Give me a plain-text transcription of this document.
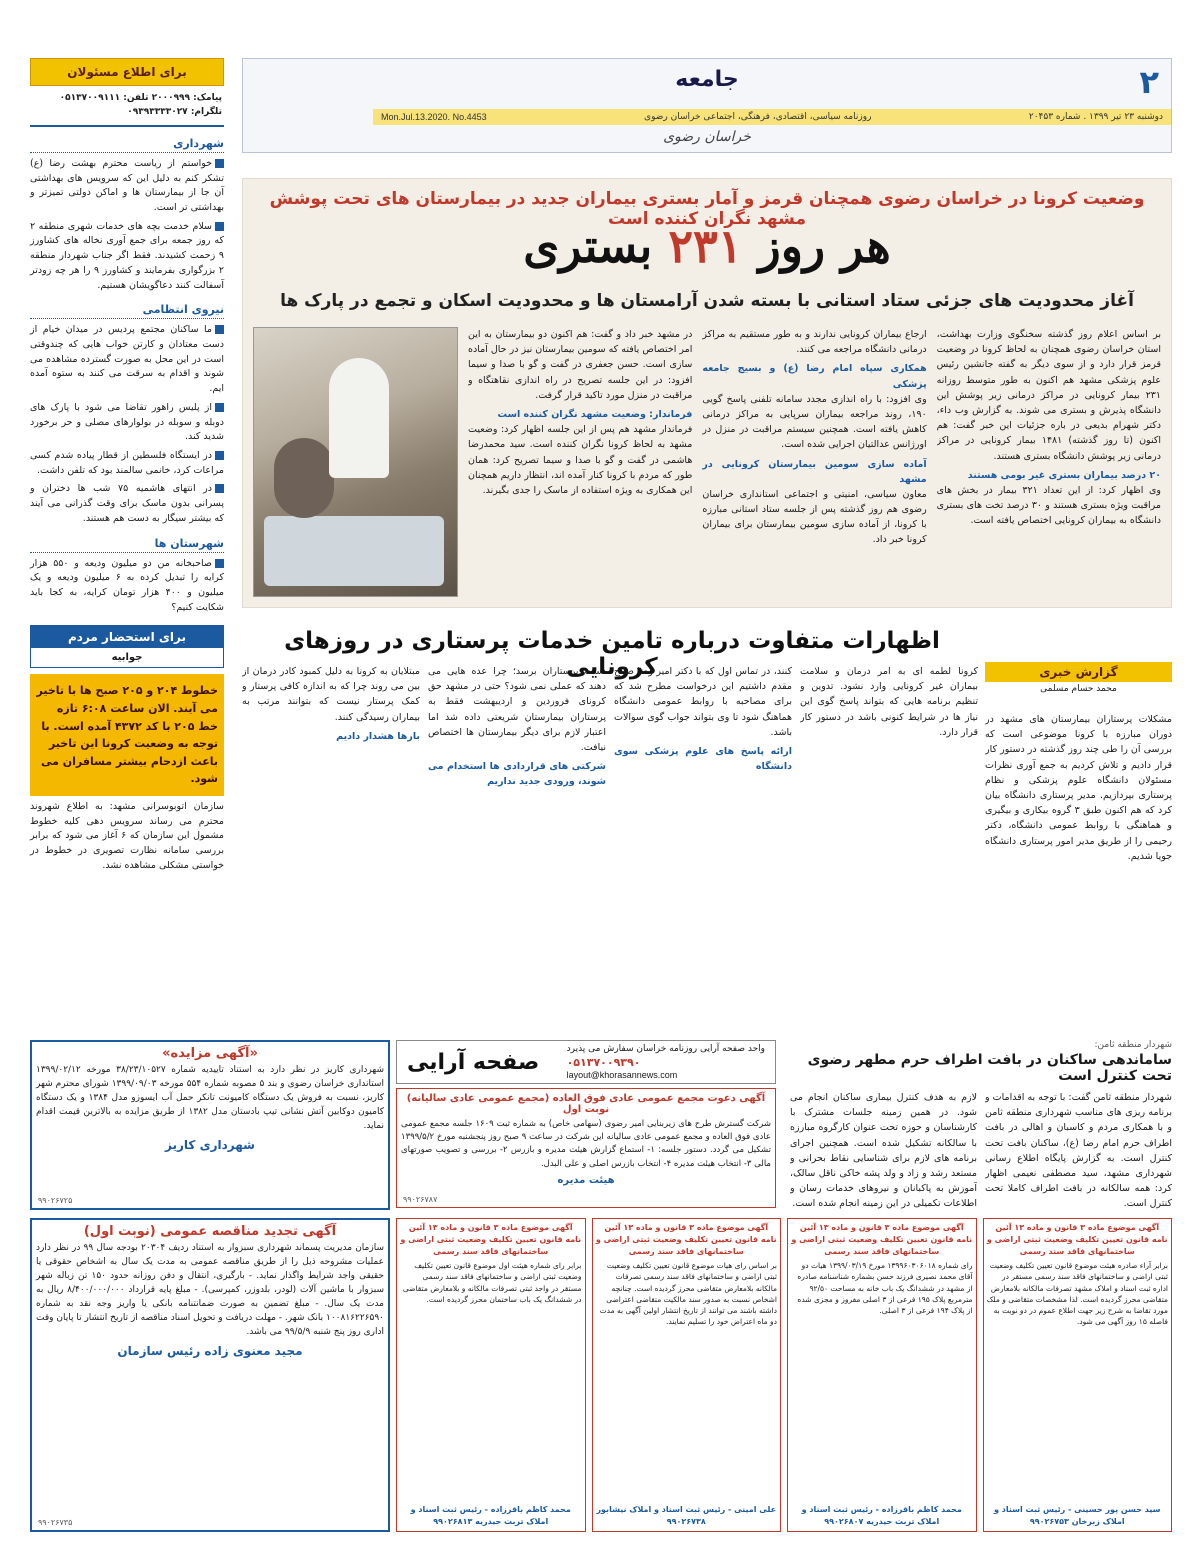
برای اطلاع مسئولان
پیامک: ۲۰۰۰۹۹۹ تلفن: ۰۵۱۳۷۰۰۹۱۱۱
تلگرام: ۰۹۳۹۳۳۳۳۰۲۷
شهرداری
خواستم از ریاست محترم بهشت رضا (ع) تشکر کنم به دلیل این که سرویس های بهداشتی آن جا از بیمارستان ها و اماکن دولتی تمیزتر و بهداشتی تر است.
سلام خدمت بچه های خدمات شهری منطقه ۲ که روز جمعه برای جمع آوری نخاله های کشاورز ۹ زحمت کشیدند. فقط اگر جناب شهردار منطقه ۲ بزرگواری بفرمایند و کشاورز ۹ را هر چه زودتر آسفالت کنند دعاگویشان هستیم.
نیروی انتظامی
ما ساکنان مجتمع پردیس در میدان خیام از دست معتادان و کارتن خواب هایی که چندوقتی است در این محل به صورت گسترده مشاهده می شوند و اقدام به سرقت می کنند به ستوه آمده ایم.
از پلیس راهور تقاضا می شود با پارک های دوبله و سوبله در بولوارهای مصلی و حر برخورد شدید کند.
در ایستگاه فلسطین از قطار پیاده شدم کسی مراعات کرد، خانمی سالمند بود که تلفن داشت.
در انتهای هاشمیه ۷۵ شب ها دختران و پسرانی بدون ماسک برای وقت گذرانی می آیند که بیشتر سیگار به دست هم هستند.
شهرستان ها
صاحبخانه من دو میلیون ودیعه و ۵۵۰ هزار کرایه را تبدیل کرده به ۶ میلیون ودیعه و یک میلیون و ۴۰۰ هزار تومان کرایه، به کجا باید شکایت کنیم؟
برای استحضار مردم
جوابیه
خطوط ۲۰۴ و ۲۰۵ صبح ها با تاخیر می آیند. الان ساعت ۶:۰۸ تازه خط ۲۰۵ با کد ۴۳۷۲ آمده است. با توجه به وضعیت کرونا این تاخیر باعث ازدحام بیشتر مسافران می شود.
سازمان اتوبوسرانی مشهد: به اطلاع شهروند محترم می رساند سرویس دهی کلیه خطوط مشمول این سازمان که ۶ آغاز می شود که برابر بررسی سامانه نظارت تصویری در خطوط در خواستی مشکلی مشاهده نشد.
۲
جامعه
دوشنبه ۲۳ تیر ۱۳۹۹ . شماره ۲۰۴۵۳
روزنامه سیاسی، اقتصادی، فرهنگی، اجتماعی خراسان رضوی
Mon.Jul.13.2020. No.4453
خراسان رضوی
وضعیت کرونا در خراسان رضوی همچنان قرمز و آمار بستری بیماران جدید در بیمارستان های تحت پوشش مشهد نگران کننده است
هر روز ۲۳۱ بستری
آغاز محدودیت های جزئی ستاد استانی با بسته شدن آرامستان ها و محدودیت اسکان و تجمع در پارک ها
بر اساس اعلام روز گذشته سخنگوی وزارت بهداشت، استان خراسان رضوی همچنان به لحاظ کرونا در وضعیت قرمز قرار دارد و از سوی دیگر به گفته جانشین رئیس علوم پزشکی مشهد هم اکنون به طور متوسط روزانه ۲۳۱ بیمار کرونایی در مراکز درمانی زیر پوشش این دانشگاه پذیرش و بستری می شوند. به گزارش وب داء، دکتر شهرام بدیعی در باره جزئیات این خبر گفت: هم اکنون (تا روز گذشته) ۱۴۸۱ بیمار کرونایی در مراکز درمانی زیر پوشش دانشگاه بستری هستند.
۲۰ درصد بیماران بستری غیر بومی هستند
وی اظهار کرد: از این تعداد ۳۲۱ بیمار در بخش های مراقبت ویژه بستری هستند و ۳۰ درصد تخت های بستری دانشگاه به بیماران کرونایی اختصاص یافته است.
ارجاع بیماران کرونایی ندارند و به طور مستقیم به مراکز درمانی دانشگاه مراجعه می کنند.
همکاری سپاه امام رضا (ع) و بسیج جامعه پزشکی
وی افزود: با راه اندازی مجدد سامانه تلفنی پاسخ گویی ۱۹۰، روند مراجعه بیماران سرپایی به مراکز درمانی کاهش یافته است. همچنین سیستم مراقبت در منزل در اورژانس عدالتیان اجرایی شده است.
آماده سازی سومین بیمارستان کرونایی در مشهد
معاون سیاسی، امنیتی و اجتماعی استانداری خراسان رضوی هم روز گذشته پس از جلسه ستاد استانی مبارزه با کرونا، از آماده سازی سومین بیمارستان برای بیماران کرونا خبر داد.
در مشهد خبر داد و گفت: هم اکنون دو بیمارستان به این امر اختصاص یافته که سومین بیمارستان نیز در حال آماده سازی است. حسن جعفری در گفت و گو با صدا و سیما افزود: در این جلسه تصریح در راه اندازی نقاهتگاه و مراقبت در منزل مورد تاکید قرار گرفت.
فرماندار: وضعیت مشهد نگران کننده است
فرماندار مشهد هم پس از این جلسه اظهار کرد: وضعیت مشهد به لحاظ کرونا نگران کننده است. سید محمدرضا هاشمی در گفت و گو با صدا و سیما تصریح کرد: همان طور که مردم با کرونا کنار آمده اند، انتظار داریم همچنان این همکاری به ویژه استفاده از ماسک را جدی بگیرند.
اظهارات متفاوت درباره تامین خدمات پرستاری در روزهای کرونایی	گزارش خبری
محمد حسام مسلمی
مشکلات پرستاران بیمارستان های مشهد در دوران مبارزه با کرونا موضوعی است که بررسی آن را طی چند روز گذشته در دستور کار قرار دادیم و تلاش کردیم به جمع آوری نظرات مسئولان دانشگاه علوم پزشکی و نظام پرستاری بپردازیم. مدیر پرستاری دانشگاه بیان کرد که هم اکنون طبق ۳ گروه بیکاری و بیگیری و هماهنگی با روابط عمومی دانشگاه، دکتر رحیمی را از طریق مدیر امور پرستاری دانشگاه جویا شدیم.
کرونا لطمه ای به امر درمان و سلامت بیماران غیر کرونایی وارد نشود. تدوین و تنظیم برنامه هایی که بتواند پاسخ گوی این نیاز ها در شرایط کنونی باشد در دستور کار قرار دارد.
کنند، در تماس اول که با دکتر امیر رضا صالح مقدم داشتیم این درخواست مطرح شد که برای مصاحبه با روابط عمومی دانشگاه هماهنگ شود تا وی بتواند جواب گوی سوالات باشد.
ارائه پاسخ های علوم پزشکی سوی دانشگاه
دست پرستاران برسد؛ چرا عده هایی می دهند که عملی نمی شود؟ حتی در مشهد حق کرونای فروردین و اردیبهشت فقط به پرستاران بیمارستان شریعتی داده شد اما اعتبار لازم برای دیگر بیمارستان ها اختصاص نیافت.
شرکتی های قراردادی ها استخدام می شوند، ورودی جدید نداریم
مبتلایان به کرونا به دلیل کمبود کادر درمان از بین می روند چرا که به اندازه کافی پرستار و کمک پرستار نیست که بتوانند مرتب به بیماران رسیدگی کنند.
بارها هشدار دادیم
«آگهی مزایده»
شهرداری کاریز در نظر دارد به استناد تاییدیه شماره ۳۸/۲۳/۱۰۵۲۷ مورخه ۱۳۹۹/۰۲/۱۲ استانداری خراسان رضوی و بند ۵ مصوبه شماره ۵۵۴ مورخه ۱۳۹۹/۰۹/۰۳ شورای محترم شهر کاریز، نسبت به فروش یک دستگاه کامیونت تانکر حمل آب ایسوزو مدل ۱۳۸۴ و یک دستگاه کامیون دوکابین آتش نشانی تیپ بادستان مدل ۱۳۸۲ از طریق مزایده به بالاترین قیمت اقدام نماید.
شهرداری کاریز
۹۹۰۲۶۷۲۵
واحد صفحه آرایی روزنامه خراسان سفارش می پذیرد
۰۵۱۳۷۰۰۹۳۹۰
layout@khorasannews.com
صفحه آرایی
آگهی دعوت مجمع عمومی عادی فوق العاده (مجمع عمومی عادی سالیانه) نوبت اول
شرکت گسترش طرح های زیربنایی امیر رضوی (سهامی خاص) به شماره ثبت ۱۶۰۹ جلسه مجمع عمومی عادی فوق العاده و مجمع عمومی عادی سالیانه این شرکت در ساعت ۹ صبح روز پنجشنبه مورخ ۱۳۹۹/۵/۲ تشکیل می گردد. دستور جلسه: ۱- استماع گزارش هیئت مدیره و بازرس ۲- بررسی و تصویب صورتهای مالی ۳- انتخاب هیئت مدیره ۴- انتخاب بازرس اصلی و علی البدل.
هیئت مدیره
۹۹۰۲۶۷۸۷
شهردار منطقه ثامن:
ساماندهی ساکنان در بافت اطراف حرم مطهر رضوی تحت کنترل است
شهردار منطقه ثامن گفت: با توجه به اقدامات و برنامه ریزی های مناسب شهرداری منطقه ثامن و با همکاری مردم و کاسبان و اهالی در بافت اطراف حرم امام رضا (ع)، ساکنان بافت تحت کنترل است. به گزارش پایگاه اطلاع رسانی شهرداری مشهد، سید مصطفی نعیمی اظهار کرد: همه سالکانه در بافت اطراف کاملا تحت کنترل است.
لازم به هدف کنترل بیماری ساکنان انجام می شود. در همین زمینه جلسات مشترک با کارشناسان و حوزه تحت عنوان کارگروه مبارزه با سالکانه تشکیل شده است. همچنین اجرای برنامه های لازم برای شناسایی نقاط بحرانی و مستعد رشد و زاد و ولد پشه خاکی ناقل سالک، آموزش به پاکبانان و نیروهای خدمات رسان و اطلاعات تکمیلی در این زمینه انجام شده است.
آگهی تجدید مناقصه عمومی (نوبت اول)
سازمان مدیریت پسماند شهرداری سبزوار به استناد ردیف ۲۰۳۰۴ بودجه سال ۹۹ در نظر دارد عملیات مشروحه ذیل را از طریق مناقصه عمومی به مدت یک سال به اشخاص حقوقی یا حقیقی واجد شرایط واگذار نماید. - بارگیری، انتقال و دفن روزانه حدود ۱۵۰ تن زباله شهر سبزوار با ماشین آلات (لودر، بلدوزر، کمپرسی). - مبلغ پایه قرارداد ۸/۴۰۰/۰۰۰/۰۰۰ ریال به مدت یک سال. - مبلغ تضمین به صورت ضمانتنامه بانکی یا واریز وجه نقد به شماره ۱۰۰۸۱۶۲۲۶۵۹۰ بانک شهر. - مهلت دریافت و تحویل اسناد مناقصه از تاریخ انتشار تا پایان وقت اداری روز پنج شنبه ۹۹/۵/۹ می باشد.
مجید معنوی زاده رئیس سازمان
۹۹۰۲۶۷۳۵
آگهی موضوع ماده ۳ قانون و ماده ۱۳ آئین نامه قانون تعیین تکلیف وضعیت ثبتی اراضی و ساختمانهای فاقد سند رسمی
برابر آراء صادره هیئت موضوع قانون تعیین تکلیف وضعیت ثبتی اراضی و ساختمانهای فاقد سند رسمی مستقر در اداره ثبت اسناد و املاک مشهد تصرفات مالکانه بلامعارض متقاضی محرز گردیده است. لذا مشخصات متقاضی و ملک مورد تقاضا به شرح زیر جهت اطلاع عموم در دو نوبت به فاصله ۱۵ روز آگهی می شود.
سید حسن پور حسینی - رئیس ثبت اسناد و املاک زبرخان ۹۹۰۲۶۷۵۳
آگهی موضوع ماده ۳ قانون و ماده ۱۳ آئین نامه قانون تعیین تکلیف وضعیت ثبتی اراضی و ساختمانهای فاقد سند رسمی
رای شماره ۱۳۹۹۶۰۳۰۶۰۱۸ مورخ ۱۳۹۹/۰۳/۱۹ هیات دو آقای محمد نصیری فرزند حسن بشماره شناسنامه صادره از مشهد در ششدانگ یک باب خانه به مساحت ۹۲/۵۰ مترمربع پلاک ۱۹۵ فرعی از ۳ اصلی مفروز و مجزی شده از پلاک ۱۹۴ فرعی از ۳ اصلی.
محمد کاظم باقرزاده - رئیس ثبت اسناد و املاک تربت حیدریه ۹۹۰۲۶۸۰۷
آگهی موضوع ماده ۳ قانون و ماده ۱۳ آئین نامه قانون تعیین تکلیف وضعیت ثبتی اراضی و ساختمانهای فاقد سند رسمی
بر اساس رای هیات موضوع قانون تعیین تکلیف وضعیت ثبتی اراضی و ساختمانهای فاقد سند رسمی تصرفات مالکانه بلامعارض متقاضی محرز گردیده است. چنانچه اشخاص نسبت به صدور سند مالکیت متقاضی اعتراضی داشته باشند می توانند از تاریخ انتشار اولین آگهی به مدت دو ماه اعتراض خود را تسلیم نمایند.
علی امینی - رئیس ثبت اسناد و املاک نیشابور ۹۹۰۲۶۷۳۸
آگهی موضوع ماده ۳ قانون و ماده ۱۳ آئین نامه قانون تعیین تکلیف وضعیت ثبتی اراضی و ساختمانهای فاقد سند رسمی
برابر رای شماره هیئت اول موضوع قانون تعیین تکلیف وضعیت ثبتی اراضی و ساختمانهای فاقد سند رسمی مستقر در واحد ثبتی تصرفات مالکانه و بلامعارض متقاضی در ششدانگ یک باب ساختمان محرز گردیده است.
محمد کاظم باقرزاده - رئیس ثبت اسناد و املاک تربت حیدریه ۹۹۰۲۶۸۱۳
